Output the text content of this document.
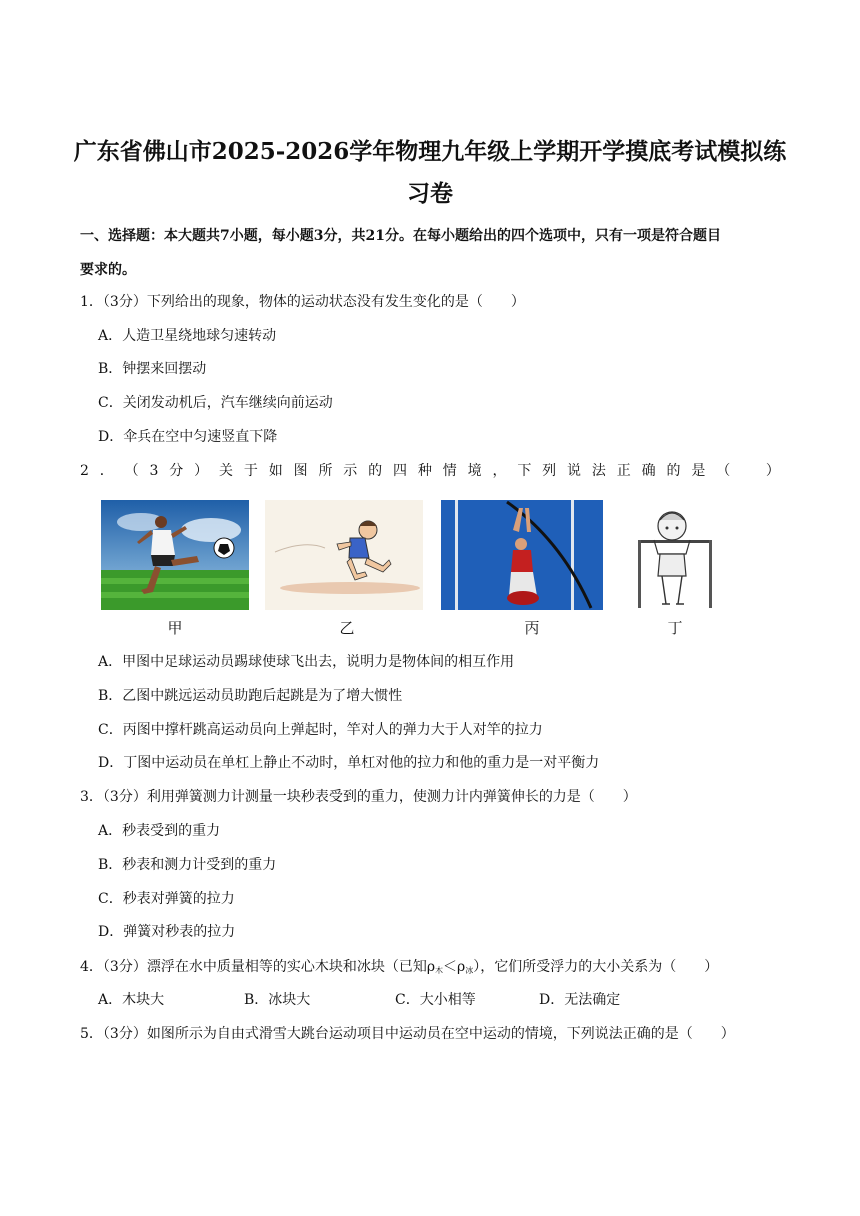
广东省佛山市2025-2026学年物理九年级上学期开学摸底考试模拟练
习卷
一、选择题：本大题共7小题，每小题3分，共21分。在每小题给出的四个选项中，只有一项是符合题目
要求的。
1．（3分）下列给出的现象，物体的运动状态没有发生变化的是（　　）
A．人造卫星绕地球匀速转动
B．钟摆来回摆动
C．关闭发动机后，汽车继续向前运动
D．伞兵在空中匀速竖直下降
2 ． （ 3 分 ） 关 于 如 图 所 示 的 四 种 情 境 ， 下 列 说 法 正 确 的 是 （
　	）
甲	乙	丙	丁
A．甲图中足球运动员踢球使球飞出去，说明力是物体间的相互作用
B．乙图中跳远运动员助跑后起跳是为了增大惯性
C．丙图中撑杆跳高运动员向上弹起时，竿对人的弹力大于人对竿的拉力
D．丁图中运动员在单杠上静止不动时，单杠对他的拉力和他的重力是一对平衡力
3．（3分）利用弹簧测力计测量一块秒表受到的重力，使测力计内弹簧伸长的力是（　　）
A．秒表受到的重力
B．秒表和测力计受到的重力
C．秒表对弹簧的拉力
D．弹簧对秒表的拉力
4．（3分）漂浮在水中质量相等的实心木块和冰块（已知$\rho_木<\rho_冰$），它们所受浮力的大小关系为（　　）
A．木块大	B．冰块大	C．大小相等	D．无法确定
5．（3分）如图所示为自由式滑雪大跳台运动项目中运动员在空中运动的情境，下列说法正确的是（　　）
